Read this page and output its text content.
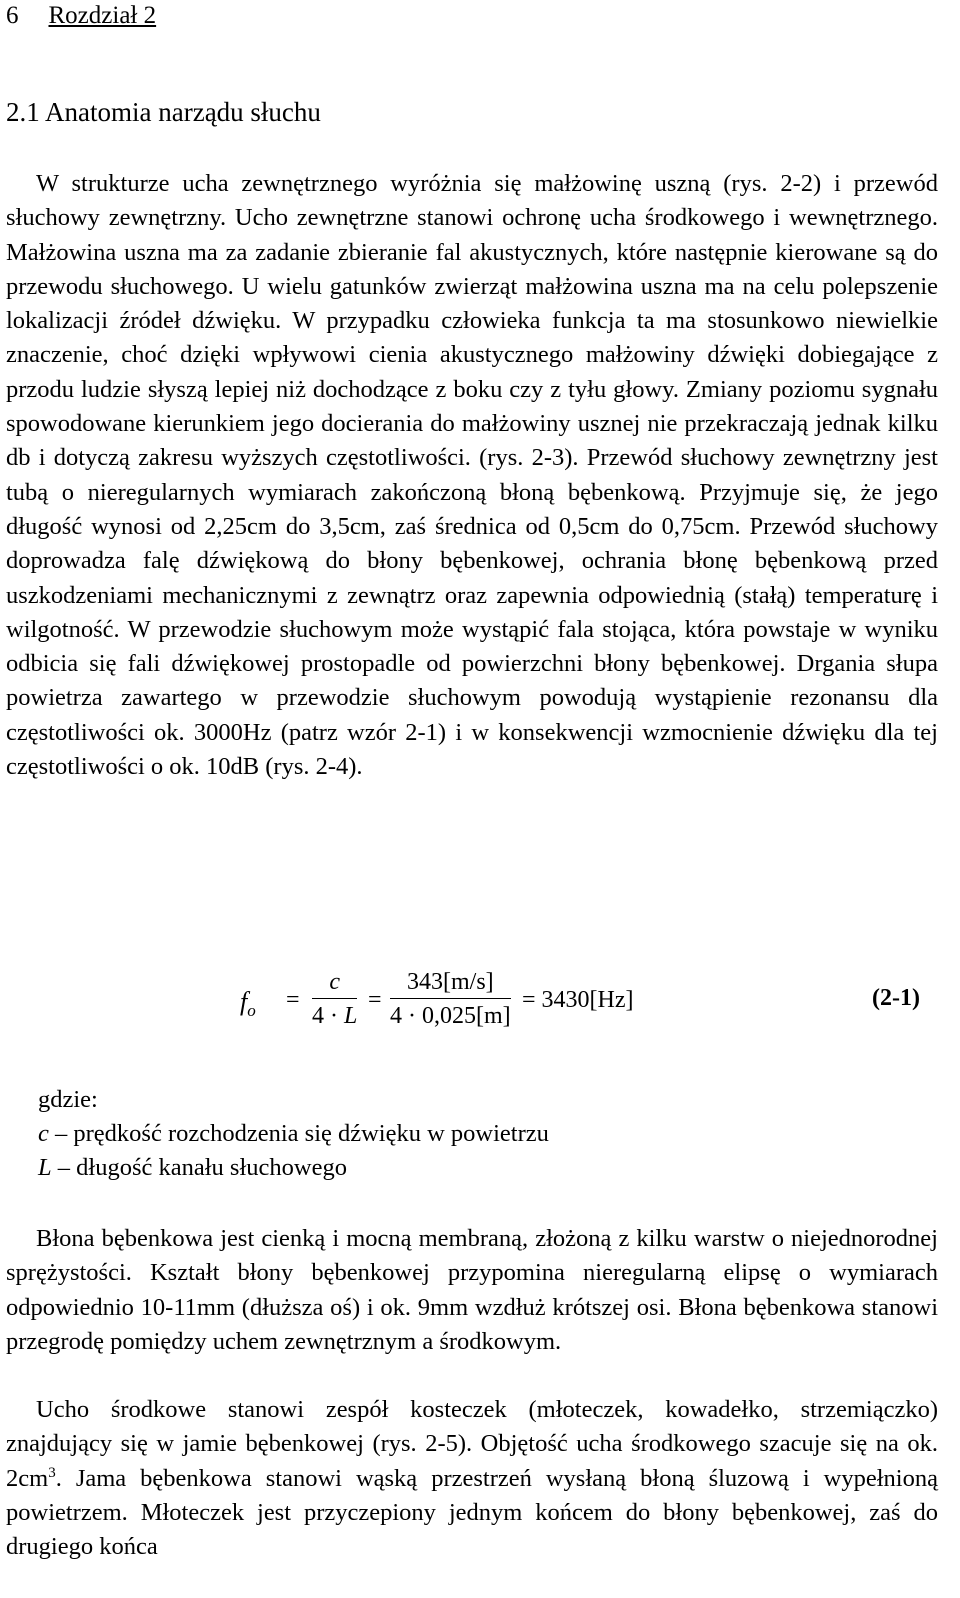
6 Rozdział 2
2.1 Anatomia narządu słuchu
W strukturze ucha zewnętrznego wyróżnia się małżowinę uszną (rys. 2-2) i przewód słuchowy zewnętrzny. Ucho zewnętrzne stanowi ochronę ucha środkowego i wewnętrznego. Małżowina uszna ma za zadanie zbieranie fal akustycznych, które następnie kierowane są do przewodu słuchowego. U wielu gatunków zwierząt małżowina uszna ma na celu polepszenie lokalizacji źródeł dźwięku. W przypadku człowieka funkcja ta ma stosunkowo niewielkie znaczenie, choć dzięki wpływowi cienia akustycznego małżowiny dźwięki dobiegające z przodu ludzie słyszą lepiej niż dochodzące z boku czy z tyłu głowy. Zmiany poziomu sygnału spowodowane kierunkiem jego docierania do małżowiny usznej nie przekraczają jednak kilku db i dotyczą zakresu wyższych częstotliwości. (rys. 2-3). Przewód słuchowy zewnętrzny jest tubą o nieregularnych wymiarach zakończoną błoną bębenkową. Przyjmuje się, że jego długość wynosi od 2,25cm do 3,5cm, zaś średnica od 0,5cm do 0,75cm. Przewód słuchowy doprowadza falę dźwiękową do błony bębenkowej, ochrania błonę bębenkową przed uszkodzeniami mechanicznymi z zewnątrz oraz zapewnia odpowiednią (stałą) temperaturę i wilgotność. W przewodzie słuchowym może wystąpić fala stojąca, która powstaje w wyniku odbicia się fali dźwiękowej prostopadle od powierzchni błony bębenkowej. Drgania słupa powietrza zawartego w przewodzie słuchowym powodują wystąpienie rezonansu dla częstotliwości ok. 3000Hz (patrz wzór 2-1) i w konsekwencji wzmocnienie dźwięku dla tej częstotliwości o ok. 10dB (rys. 2-4).
$f_o = \frac{c}{4 \cdot L} = \frac{343[m/s]}{4 \cdot 0,025[m]} = 3430[Hz]$	(2-1)
gdzie:
c – prędkość rozchodzenia się dźwięku w powietrzu
L – długość kanału słuchowego
Błona bębenkowa jest cienką i mocną membraną, złożoną z kilku warstw o niejednorodnej sprężystości. Kształt błony bębenkowej przypomina nieregularną elipsę o wymiarach odpowiednio 10-11mm (dłuższa oś) i ok. 9mm wzdłuż krótszej osi. Błona bębenkowa stanowi przegrodę pomiędzy uchem zewnętrznym a środkowym.
Ucho środkowe stanowi zespół kosteczek (młoteczek, kowadełko, strzemiączko) znajdujący się w jamie bębenkowej (rys. 2-5). Objętość ucha środkowego szacuje się na ok. $2cm^3$. Jama bębenkowa stanowi wąską przestrzeń wysłaną błoną śluzową i wypełnioną powietrzem. Młoteczek jest przyczepiony jednym końcem do błony bębenkowej, zaś do drugiego końca
